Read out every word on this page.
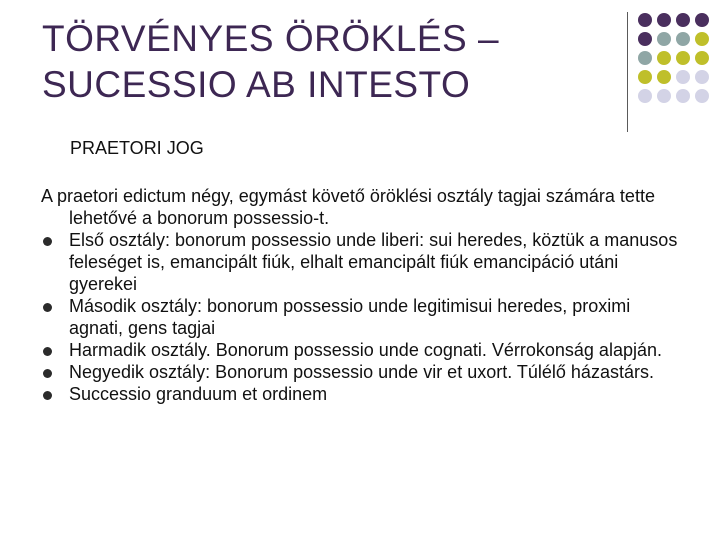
TÖRVÉNYES ÖRÖKLÉS –
SUCESSIO AB INTESTO
PRAETORI JOG

A praetori edictum négy, egymást követő öröklési osztály tagjai számára tette lehetővé a bonorum possessio-t.

Első osztály: bonorum possessio unde liberi: sui heredes, köztük a manusos feleséget is, emancipált fiúk, elhalt emancipált fiúk emancipáció utáni gyerekei
Második osztály: bonorum possessio unde legitimisui heredes, proximi agnati, gens tagjai
Harmadik osztály. Bonorum possessio unde cognati. Vérrokonság alapján.
Negyedik osztály: Bonorum possessio unde vir et uxort. Túlélő házastárs.
Successio granduum et ordinem
